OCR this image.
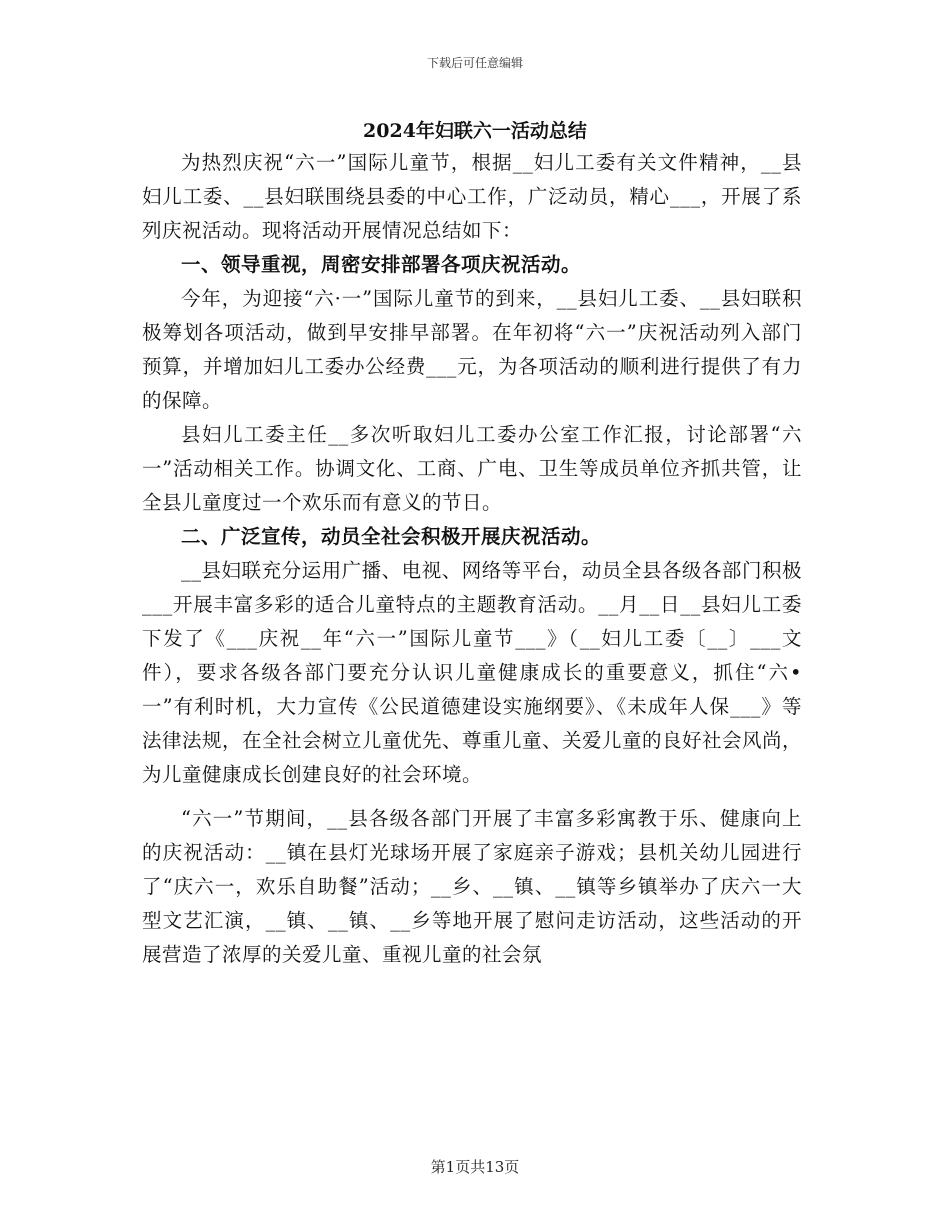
下载后可任意编辑
2024年妇联六一活动总结

为热烈庆祝“六一”国际儿童节，根据__妇儿工委有关文件精神，__县妇儿工委、__县妇联围绕县委的中心工作，广泛动员，精心___，开展了系列庆祝活动。现将活动开展情况总结如下：

一、领导重视，周密安排部署各项庆祝活动。

今年，为迎接“六·一”国际儿童节的到来，__县妇儿工委、__县妇联积极筹划各项活动，做到早安排早部署。在年初将“六一”庆祝活动列入部门预算，并增加妇儿工委办公经费___元，为各项活动的顺利进行提供了有力的保障。

县妇儿工委主任__多次听取妇儿工委办公室工作汇报，讨论部署“六一”活动相关工作。协调文化、工商、广电、卫生等成员单位齐抓共管，让全县儿童度过一个欢乐而有意义的节日。

二、广泛宣传，动员全社会积极开展庆祝活动。

__县妇联充分运用广播、电视、网络等平台，动员全县各级各部门积极___开展丰富多彩的适合儿童特点的主题教育活动。__月__日__县妇儿工委下发了《___庆祝__年“六一”国际儿童节___》（__妇儿工委〔__〕___文件），要求各级各部门要充分认识儿童健康成长的重要意义，抓住“六•一”有利时机，大力宣传《公民道德建设实施纲要》、《未成年人保___》等法律法规，在全社会树立儿童优先、尊重儿童、关爱儿童的良好社会风尚，为儿童健康成长创建良好的社会环境。

“六一”节期间，__县各级各部门开展了丰富多彩寓教于乐、健康向上的庆祝活动：__镇在县灯光球场开展了家庭亲子游戏；县机关幼儿园进行了“庆六一，欢乐自助餐”活动；__乡、__镇、__镇等乡镇举办了庆六一大型文艺汇演，__镇、__镇、__乡等地开展了慰问走访活动，这些活动的开展营造了浓厚的关爱儿童、重视儿童的社会氛

第1页共13页
